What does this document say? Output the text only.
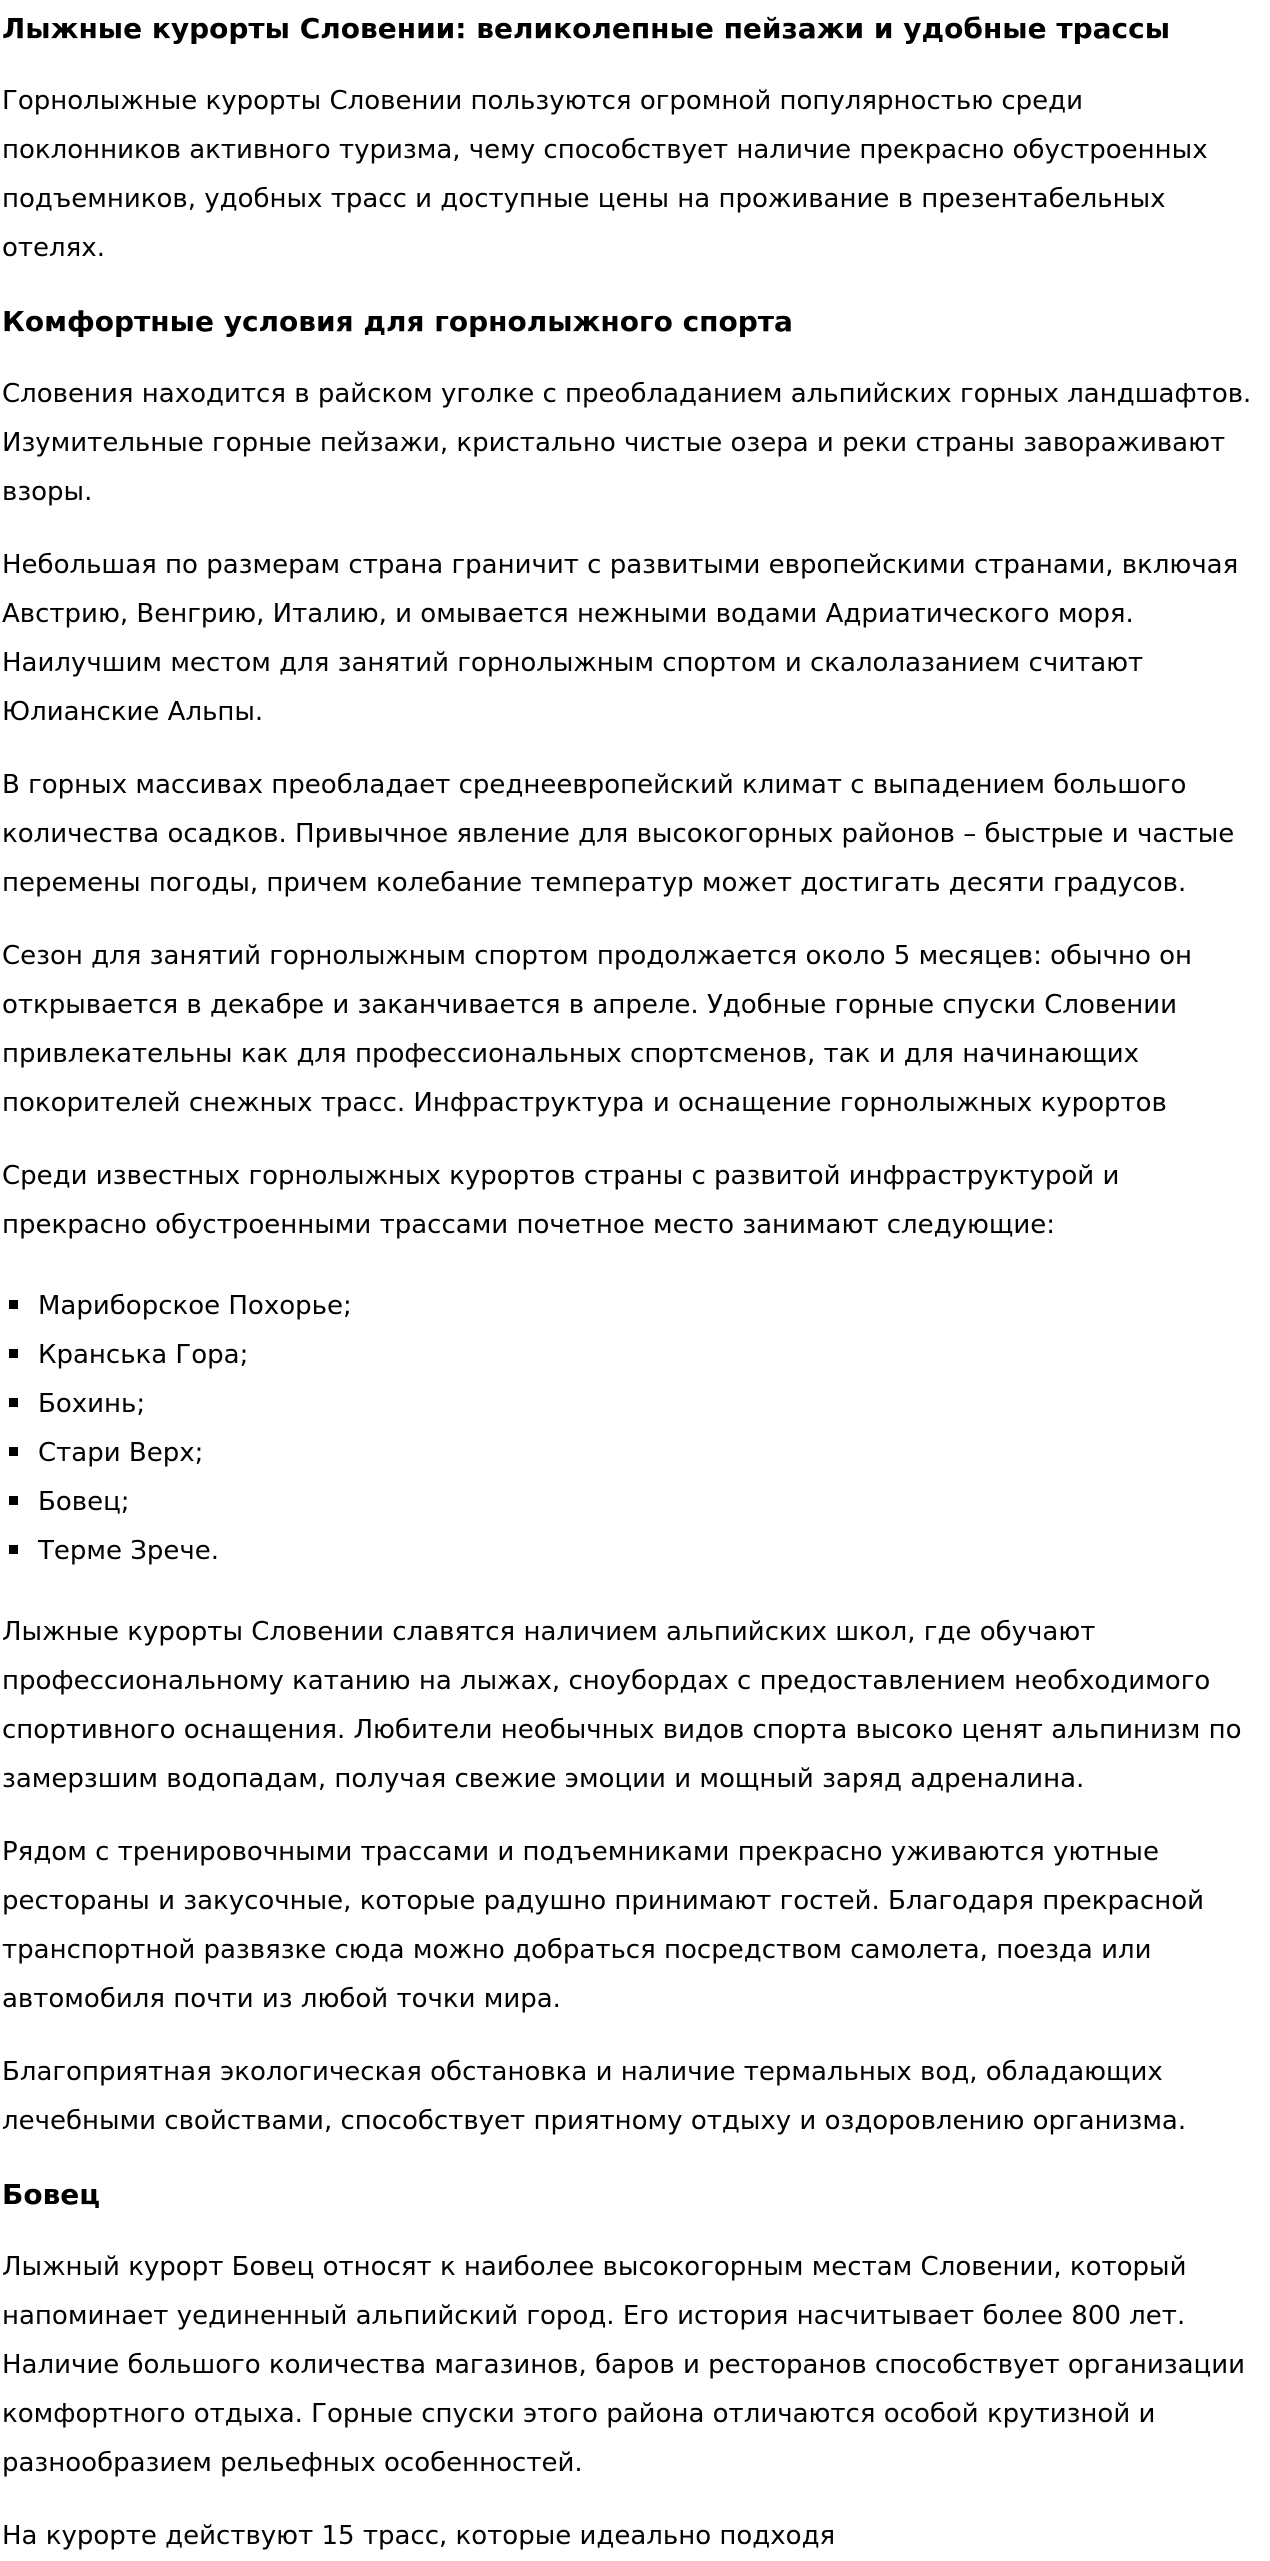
Лыжные курорты Словении: великолепные пейзажи и удобные трассы

Горнолыжные курорты Словении пользуются огромной популярностью среди поклонников активного туризма, чему способствует наличие прекрасно обустроенных подъемников, удобных трасс и доступные цены на проживание в презентабельных отелях.

Комфортные условия для горнолыжного спорта

Словения находится в райском уголке с преобладанием альпийских горных ландшафтов. Изумительные горные пейзажи, кристально чистые озера и реки страны завораживают взоры.

Небольшая по размерам страна граничит с развитыми европейскими странами, включая Австрию, Венгрию, Италию, и омывается нежными водами Адриатического моря. Наилучшим местом для занятий горнолыжным спортом и скалолазанием считают Юлианские Альпы.

В горных массивах преобладает среднеевропейский климат с выпадением большого количества осадков. Привычное явление для высокогорных районов – быстрые и частые перемены погоды, причем колебание температур может достигать десяти градусов.

Сезон для занятий горнолыжным спортом продолжается около 5 месяцев: обычно он открывается в декабре и заканчивается в апреле. Удобные горные спуски Словении привлекательны как для профессиональных спортсменов, так и для начинающих покорителей снежных трасс. Инфраструктура и оснащение горнолыжных курортов

Среди известных горнолыжных курортов страны с развитой инфраструктурой и прекрасно обустроенными трассами почетное место занимают следующие:

Мариборское Похорье;
Кранська Гора;
Бохинь;
Стари Верх;
Бовец;
Терме Зрече.

Лыжные курорты Словении славятся наличием альпийских школ, где обучают профессиональному катанию на лыжах, сноубордах с предоставлением необходимого спортивного оснащения. Любители необычных видов спорта высоко ценят альпинизм по замерзшим водопадам, получая свежие эмоции и мощный заряд адреналина.

Рядом с тренировочными трассами и подъемниками прекрасно уживаются уютные рестораны и закусочные, которые радушно принимают гостей. Благодаря прекрасной транспортной развязке сюда можно добраться посредством самолета, поезда или автомобиля почти из любой точки мира.

Благоприятная экологическая обстановка и наличие термальных вод, обладающих лечебными свойствами, способствует приятному отдыху и оздоровлению организма.

Бовец

Лыжный курорт Бовец относят к наиболее высокогорным местам Словении, который напоминает уединенный альпийский город. Его история насчитывает более 800 лет. Наличие большого количества магазинов, баров и ресторанов способствует организации комфортного отдыха. Горные спуски этого района отличаются особой крутизной и разнообразием рельефных особенностей.

На курорте действуют 15 трасс, которые идеально подходя
